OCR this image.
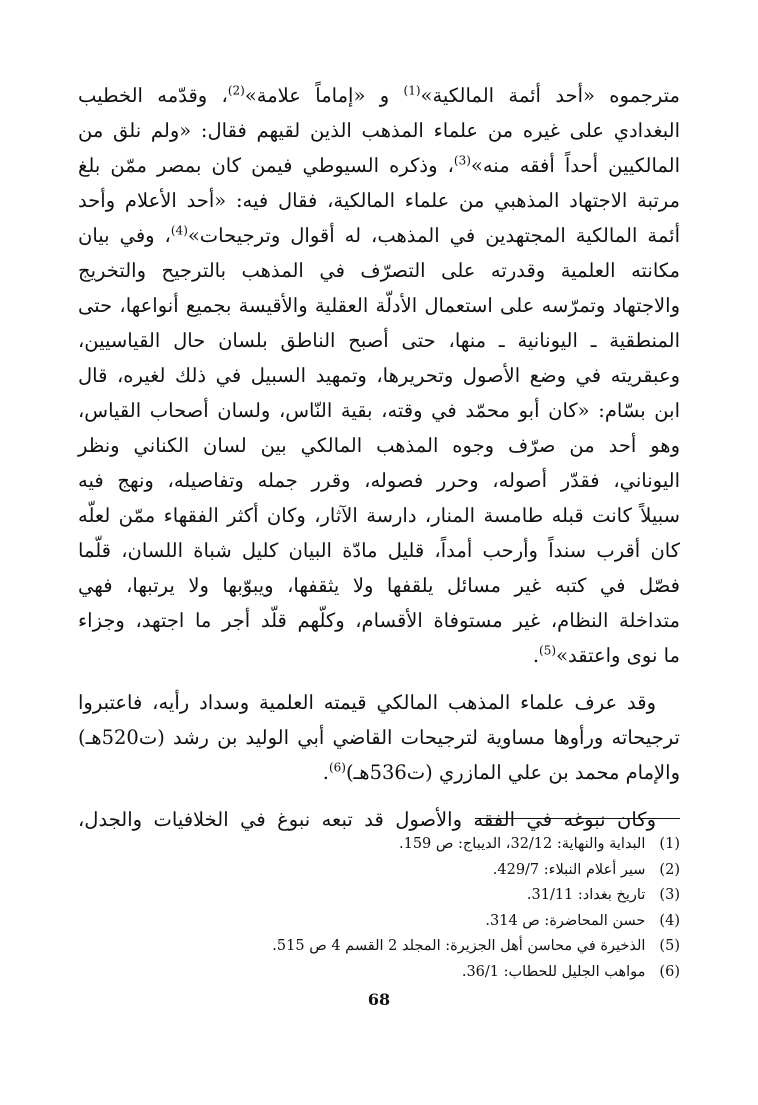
مترجموه «أحد أئمة المالكية»$^{(1)}$ و «إماماً علامة»$^{(2)}$، وقدّمه الخطيب
البغدادي على غيره من علماء المذهب الذين لقيهم فقال: «ولم نلق من
المالكيين أحداً أفقه منه»$^{(3)}$، وذكره السيوطي فيمن كان بمصر ممّن بلغ
مرتبة الاجتهاد المذهبي من علماء المالكية، فقال فيه: «أحد الأعلام وأحد
أئمة المالكية المجتهدين في المذهب، له أقوال وترجيحات»$^{(4)}$، وفي بيان
مكانته العلمية وقدرته على التصرّف في المذهب بالترجيح والتخريج
والاجتهاد وتمرّسه على استعمال الأدلّة العقلية والأقيسة بجميع أنواعها، حتى
المنطقية ـ اليونانية ـ منها، حتى أصبح الناطق بلسان حال القياسيين،
وعبقريته في وضع الأصول وتحريرها، وتمهيد السبيل في ذلك لغيره، قال
ابن بسّام: «كان أبو محمّد في وقته، بقية النّاس، ولسان أصحاب القياس،
وهو أحد من صرّف وجوه المذهب المالكي بين لسان الكناني ونظر
اليوناني، فقدّر أصوله، وحرر فصوله، وقرر جمله وتفاصيله، ونهج فيه
سبيلاً كانت قبله طامسة المنار، دارسة الآثار، وكان أكثر الفقهاء ممّن لعلّه
كان أقرب سنداً وأرحب أمداً، قليل مادّة البيان كليل شباة اللسان، قلّما
فصّل في كتبه غير مسائل يلقفها ولا يثقفها، ويبوّبها ولا يرتبها، فهي
متداخلة النظام، غير مستوفاة الأقسام، وكلّهم قلّد أجر ما اجتهد، وجزاء
ما نوى واعتقد»$^{(5)}$.

وقد عرف علماء المذهب المالكي قيمته العلمية وسداد رأيه، فاعتبروا
ترجيحاته ورأوها مساوية لترجيحات القاضي أبي الوليد بن رشد (ت520هـ)
والإمام محمد بن علي المازري (ت536هـ)$^{(6)}$.

وكان نبوغه في الفقه والأصول قد تبعه نبوغ في الخلافيات والجدل،

(1) البداية والنهاية: 32/12، الديباج: ص 159.
(2) سير أعلام النبلاء: 429/7.
(3) تاريخ بغداد: 31/11.
(4) حسن المحاضرة: ص 314.
(5) الذخيرة في محاسن أهل الجزيرة: المجلد 2 القسم 4 ص 515.
(6) مواهب الجليل للحطاب: 36/1.
68
